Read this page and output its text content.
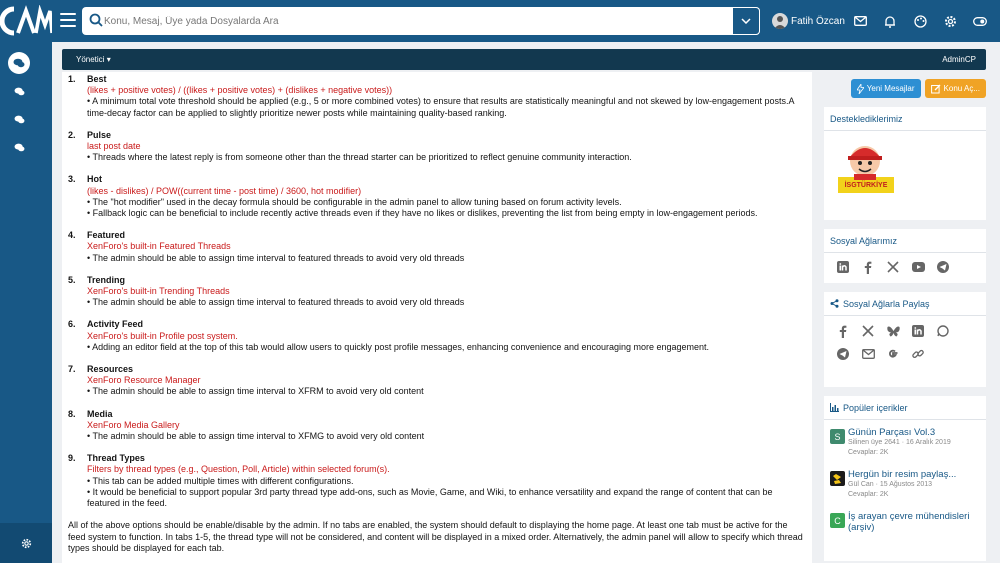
Konu, Mesaj, Üye yada Dosyalarda Ara
Fatih Özcan
Yönetici ▾	AdminCP
1. Best
(likes + positive votes) / ((likes + positive votes) + (dislikes + negative votes))
• A minimum total vote threshold should be applied (e.g., 5 or more combined votes) to ensure that results are statistically meaningful and not skewed by low-engagement posts.A time-decay factor can be applied to slightly prioritize newer posts while maintaining quality-based ranking.
2. Pulse
last post date
• Threads where the latest reply is from someone other than the thread starter can be prioritized to reflect genuine community interaction.
3. Hot
(likes - dislikes) / POW((current time - post time) / 3600, hot modifier)
• The "hot modifier" used in the decay formula should be configurable in the admin panel to allow tuning based on forum activity levels.
• Fallback logic can be beneficial to include recently active threads even if they have no likes or dislikes, preventing the list from being empty in low-engagement periods.
4. Featured
XenForo's built-in Featured Threads
• The admin should be able to assign time interval to featured threads to avoid very old threads
5. Trending
XenForo's built-in Trending Threads
• The admin should be able to assign time interval to featured threads to avoid very old threads
6. Activity Feed
XenForo's built-in Profile post system.
• Adding an editor field at the top of this tab would allow users to quickly post profile messages, enhancing convenience and encouraging more engagement.
7. Resources
XenForo Resource Manager
• The admin should be able to assign time interval to XFRM to avoid very old content
8. Media
XenForo Media Gallery
• The admin should be able to assign time interval to XFMG to avoid very old content
9. Thread Types
Filters by thread types (e.g., Question, Poll, Article) within selected forum(s).
• This tab can be added multiple times with different configurations.
• It would be beneficial to support popular 3rd party thread type add-ons, such as Movie, Game, and Wiki, to enhance versatility and expand the range of content that can be featured in the feed.

All of the above options should be enable/disable by the admin. If no tabs are enabled, the system should default to displaying the home page. At least one tab must be active for the feed system to function. In tabs 1-5, the thread type will not be considered, and content will be displayed in a mixed order. Alternatively, the admin panel will allow to specify which thread types should be displayed for each tab.

Yeni Mesajlar	Konu Aç...
Desteklediklerimiz
İSGTÜRKİYE
Sosyal Ağlarımız
Sosyal Ağlarla Paylaş
Popüler içerikler
S Günün Parçası Vol.3
Silinen üye 2641 · 16 Aralık 2019
Cevaplar: 2K
Hergün bir resim paylaş...
Gül Can · 15 Ağustos 2013
Cevaplar: 2K
C İş arayan çevre mühendisleri (arşiv)
